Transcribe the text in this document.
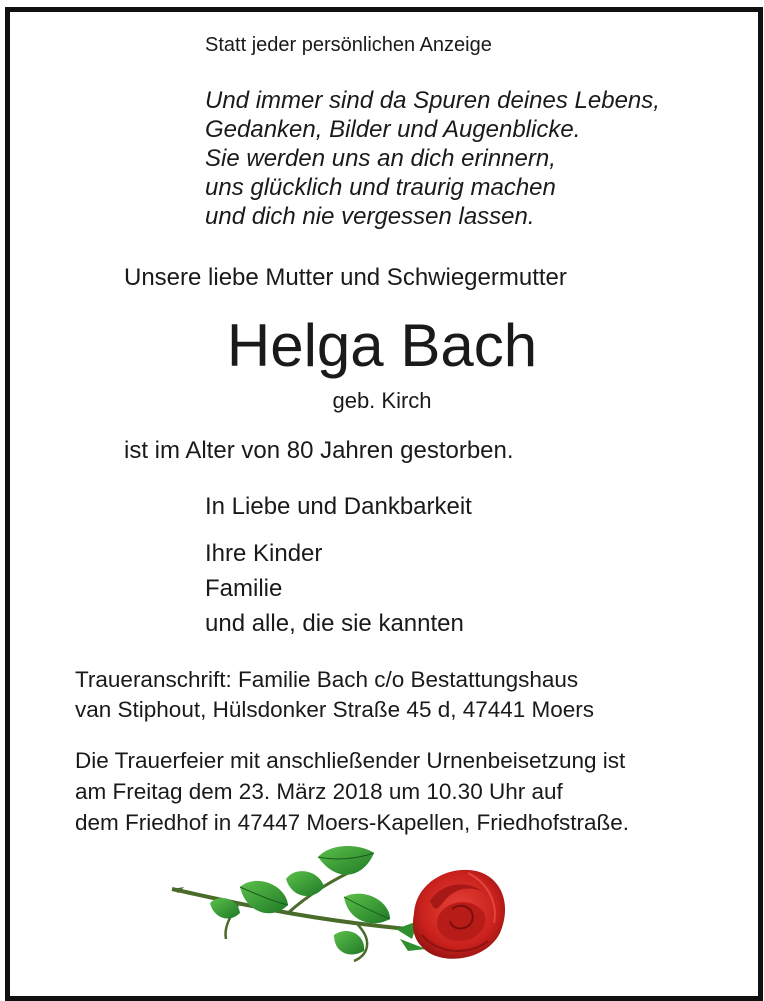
Statt jeder persönlichen Anzeige

Und immer sind da Spuren deines Lebens,
Gedanken, Bilder und Augenblicke.
Sie werden uns an dich erinnern,
uns glücklich und traurig machen
und dich nie vergessen lassen.

Unsere liebe Mutter und Schwiegermutter

Helga Bach

geb. Kirch

ist im Alter von 80 Jahren gestorben.

In Liebe und Dankbarkeit

Ihre Kinder
Familie
und alle, die sie kannten
Traueranschrift: Familie Bach c/o Bestattungshaus
van Stiphout, Hülsdonker Straße 45 d, 47441 Moers
Die Trauerfeier mit anschließender Urnenbeisetzung ist
am Freitag dem 23. März 2018 um 10.30 Uhr auf
dem Friedhof in 47447 Moers-Kapellen, Friedhofstraße.
